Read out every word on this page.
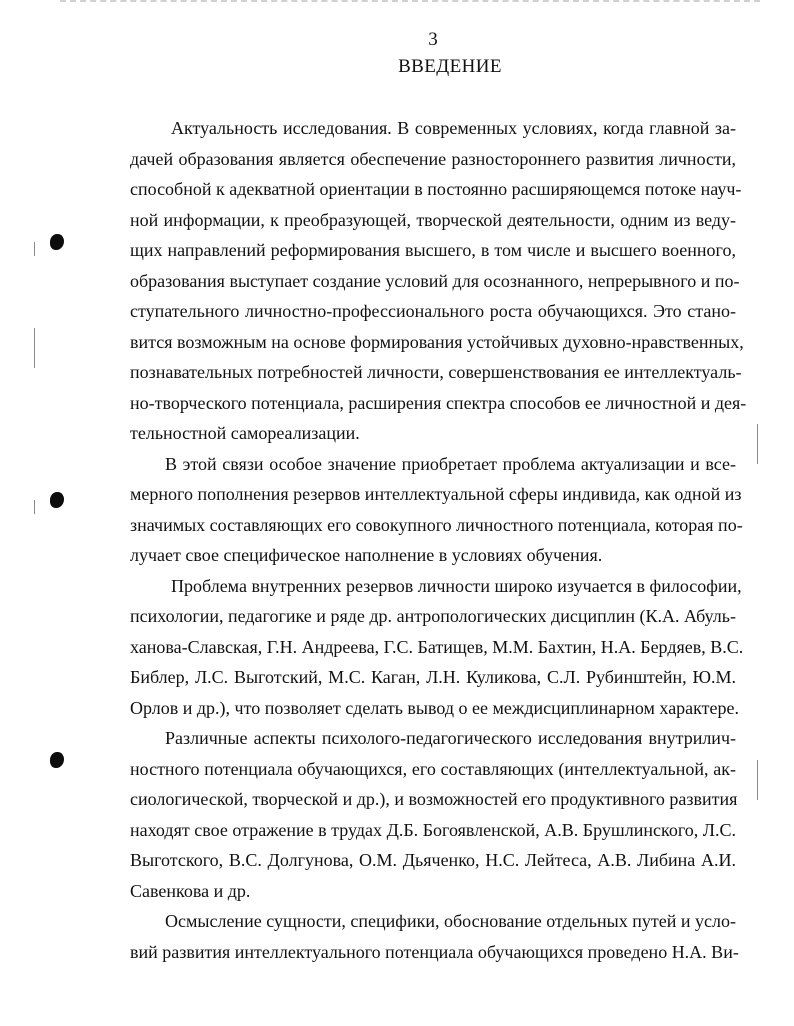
3
ВВЕДЕНИЕ
Актуальность исследования. В современных условиях, когда главной за-
дачей образования является обеспечение разностороннего развития личности,
способной к адекватной ориентации в постоянно расширяющемся потоке науч-
ной информации, к преобразующей, творческой деятельности, одним из веду-
щих направлений реформирования высшего, в том числе и высшего военного,
образования выступает создание условий для осознанного, непрерывного и по-
ступательного личностно-профессионального роста обучающихся. Это стано-
вится возможным на основе формирования устойчивых духовно-нравственных,
познавательных потребностей личности, совершенствования ее интеллектуаль-
но-творческого потенциала, расширения спектра способов ее личностной и дея-
тельностной самореализации.
В этой связи особое значение приобретает проблема актуализации и все-
мерного пополнения резервов интеллектуальной сферы индивида, как одной из
значимых составляющих его совокупного личностного потенциала, которая по-
лучает свое специфическое наполнение в условиях обучения.
Проблема внутренних резервов личности широко изучается в философии,
психологии, педагогике и ряде др. антропологических дисциплин (К.А. Абуль-
ханова-Славская, Г.Н. Андреева, Г.С. Батищев, М.М. Бахтин, Н.А. Бердяев, В.С.
Библер, Л.С. Выготский, М.С. Каган, Л.Н. Куликова, С.Л. Рубинштейн, Ю.М.
Орлов и др.), что позволяет сделать вывод о ее междисциплинарном характере.
Различные аспекты психолого-педагогического исследования внутрилич-
ностного потенциала обучающихся, его составляющих (интеллектуальной, ак-
сиологической, творческой и др.), и возможностей его продуктивного развития
находят свое отражение в трудах Д.Б. Богоявленской, А.В. Брушлинского, Л.С.
Выготского, В.С. Долгунова, О.М. Дьяченко, Н.С. Лейтеса, А.В. Либина А.И.
Савенкова и др.
Осмысление сущности, специфики, обоснование отдельных путей и усло-
вий развития интеллектуального потенциала обучающихся проведено Н.А. Ви-
